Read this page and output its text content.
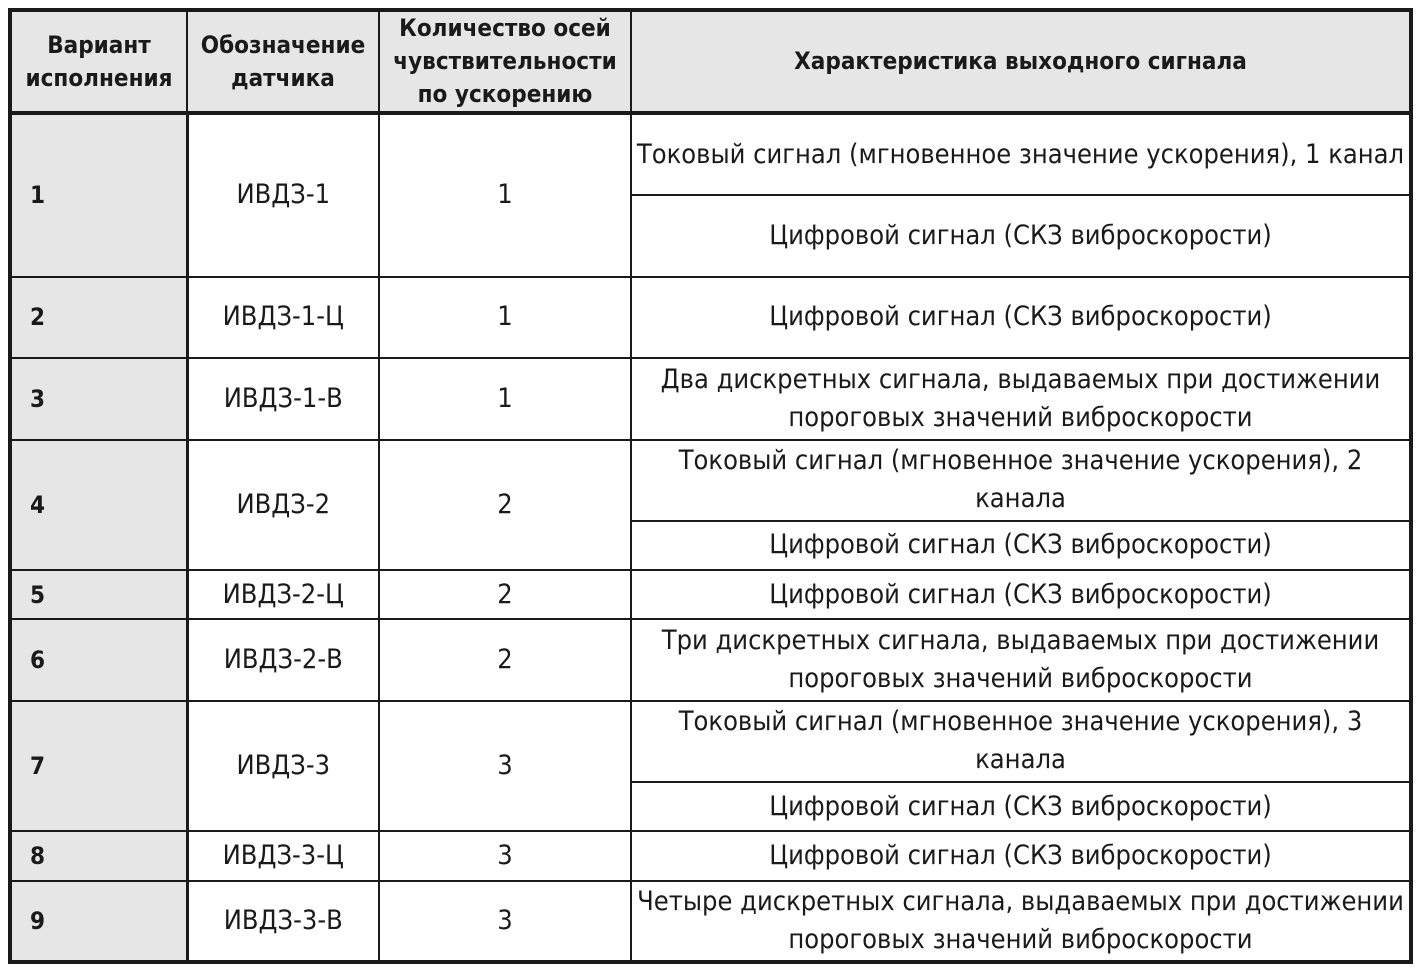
Вариант исполнения	Обозначение датчика	Количество осей чувствительности по ускорению	Характеристика выходного сигнала
1	ИВДЗ-1	1	Токовый сигнал (мгновенное значение ускорения), 1 канал
			Цифровой сигнал (СКЗ виброскорости)
2	ИВДЗ-1-Ц	1	Цифровой сигнал (СКЗ виброскорости)
3	ИВДЗ-1-В	1	Два дискретных сигнала, выдаваемых при достижении пороговых значений виброскорости
4	ИВДЗ-2	2	Токовый сигнал (мгновенное значение ускорения), 2 канала
			Цифровой сигнал (СКЗ виброскорости)
5	ИВДЗ-2-Ц	2	Цифровой сигнал (СКЗ виброскорости)
6	ИВДЗ-2-В	2	Три дискретных сигнала, выдаваемых при достижении пороговых значений виброскорости
7	ИВДЗ-3	3	Токовый сигнал (мгновенное значение ускорения), 3 канала
			Цифровой сигнал (СКЗ виброскорости)
8	ИВДЗ-3-Ц	3	Цифровой сигнал (СКЗ виброскорости)
9	ИВДЗ-3-В	3	Четыре дискретных сигнала, выдаваемых при достижении пороговых значений виброскорости
